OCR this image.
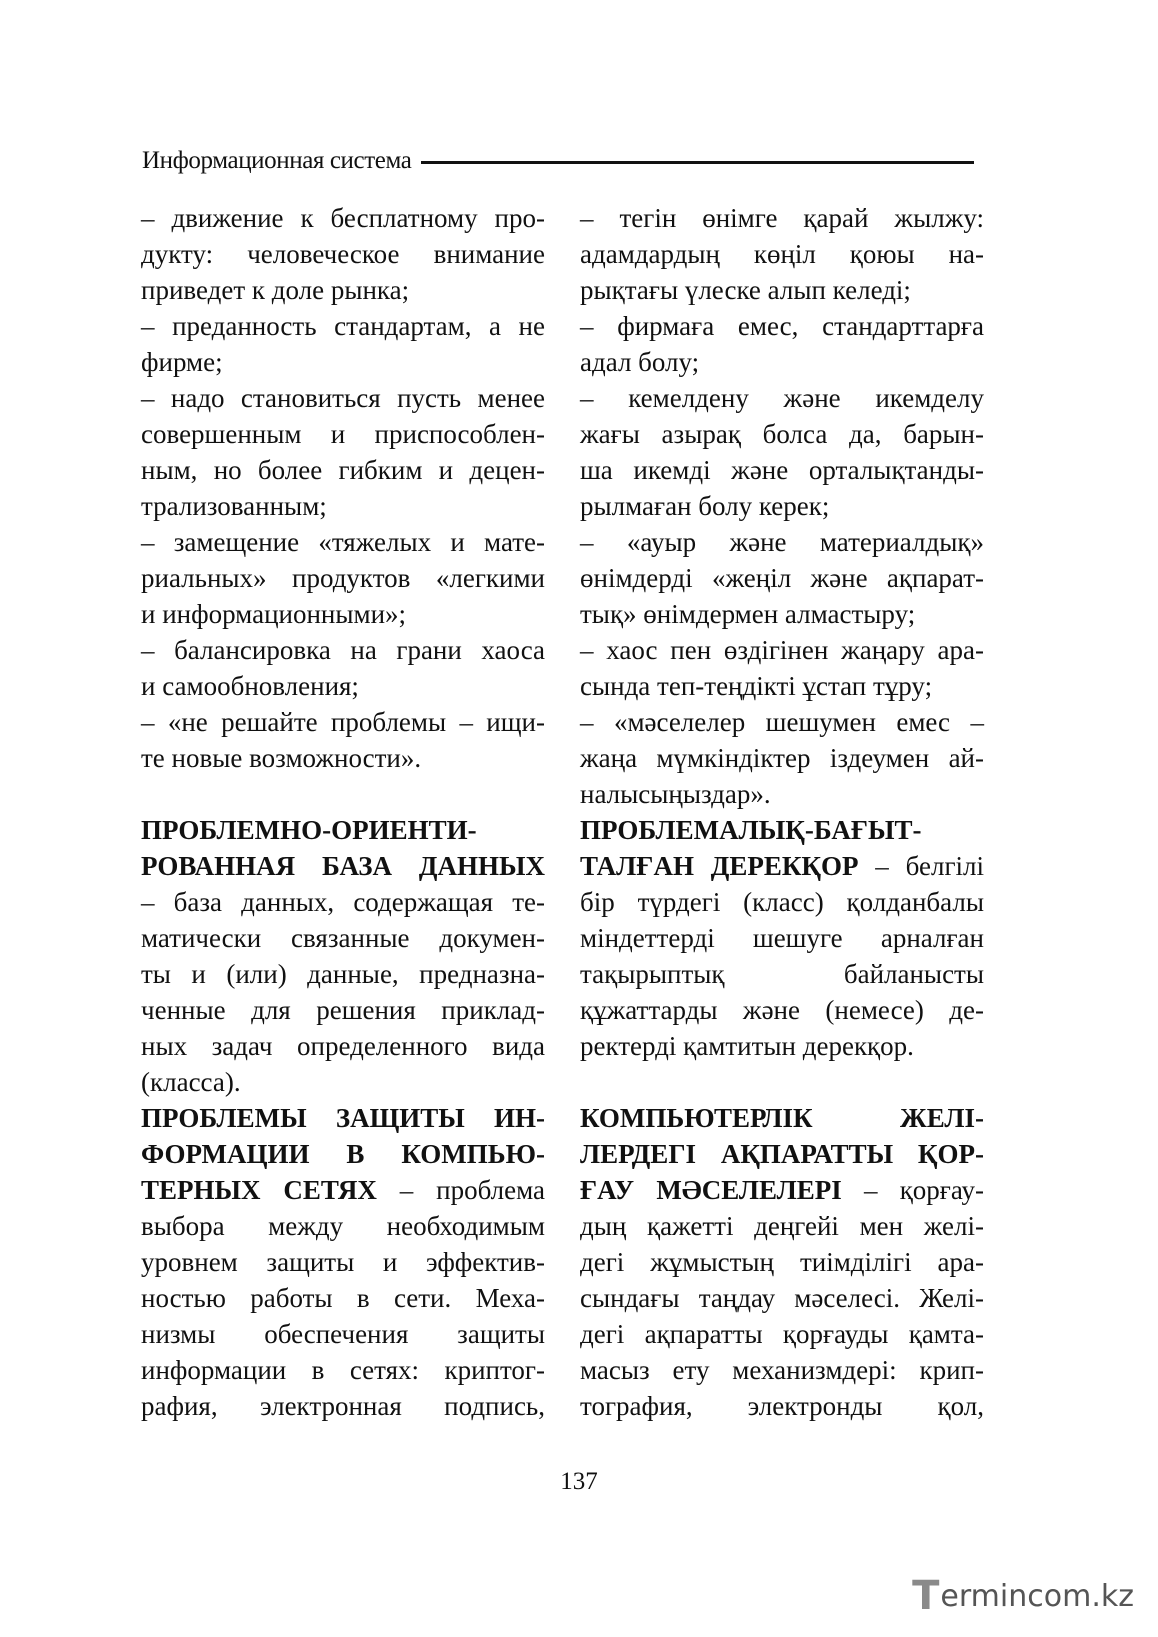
Информационная система
– движение к бесплатному про-
дукту: человеческое внимание
приведет к доле рынка;
– преданность стандартам, а не
фирме;
– надо становиться пусть менее
совершенным и приспособлен-
ным, но более гибким и децен-
трализованным;
– замещение «тяжелых и мате-
риальных» продуктов «легкими
и информационными»;
– балансировка на грани хаоса
и самообновления;
– «не решайте проблемы – ищи-
те новые возможности».
ПРОБЛЕМНО-ОРИЕНТИ-
РОВАННАЯ БАЗА ДАННЫХ
– база данных, содержащая те-
матически связанные докумен-
ты и (или) данные, предназна-
ченные для решения приклад-
ных задач определенного вида
(класса).
ПРОБЛЕМЫ ЗАЩИТЫ ИН-
ФОРМАЦИИ В КОМПЬЮ-
ТЕРНЫХ СЕТЯХ – проблема
выбора между необходимым
уровнем защиты и эффектив-
ностью работы в сети. Меха-
низмы обеспечения защиты
информации в сетях: криптог-
рафия, электронная подпись,
– тегін өнімге қарай жылжу:
адамдардың көңіл қоюы на-
рықтағы үлеске алып келеді;
– фирмаға емес, стандарттарға
адал болу;
– кемелдену және икемделу
жағы азырақ болса да, барын-
ша икемді және орталықтанды-
рылмаған болу керек;
– «ауыр және материалдық»
өнімдерді «жеңіл және ақпарат-
тық» өнімдермен алмастыру;
– хаос пен өздігінен жаңару ара-
сында теп-теңдікті ұстап тұру;
– «мәселелер шешумен емес –
жаңа мүмкіндіктер іздеумен ай-
налысыңыздар».
ПРОБЛЕМАЛЫҚ-БАҒЫТ-
ТАЛҒАН ДЕРЕКҚОР – белгілі
бір түрдегі (класс) қолданбалы
міндеттерді шешуге арналған
тақырыптық байланысты
құжаттарды және (немесе) де-
ректерді қамтитын дерекқор.
КОМПЬЮТЕРЛІК ЖЕЛІ-
ЛЕРДЕГІ АҚПАРАТТЫ ҚОР-
ҒАУ МӘСЕЛЕЛЕРІ – қорғау-
дың қажетті деңгейі мен желі-
дегі жұмыстың тиімділігі ара-
сындағы таңдау мәселесі. Желі-
дегі ақпаратты қорғауды қамта-
масыз ету механизмдері: крип-
тография, электронды қол,
137
T ermincom.kz
